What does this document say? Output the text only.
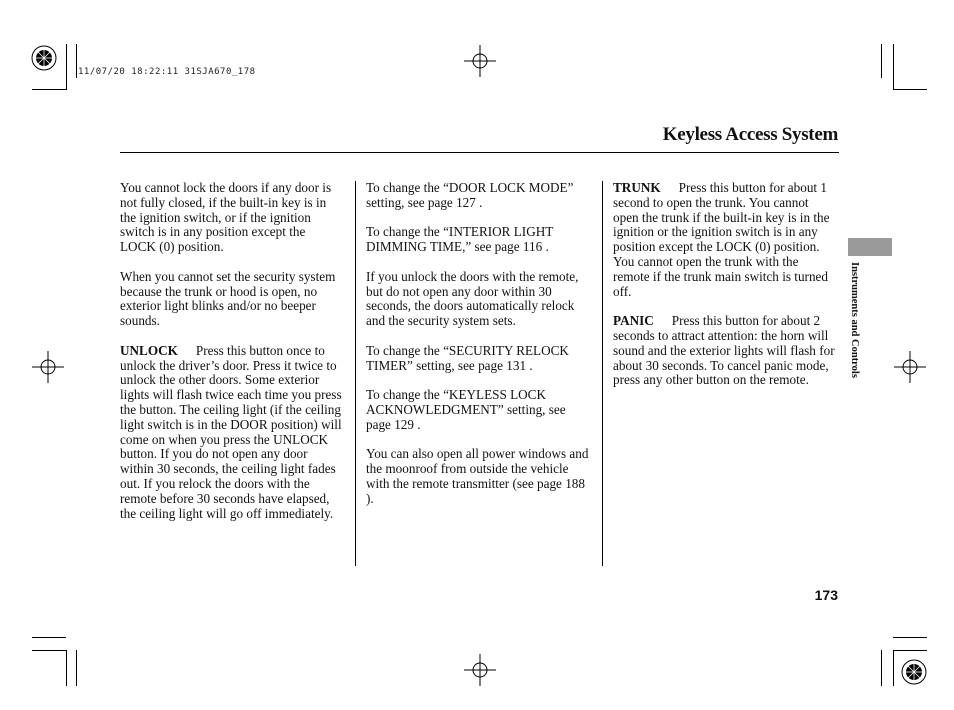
11/07/20 18:22:11 31SJA670_178
Keyless Access System

You cannot lock the doors if any door is not fully closed, if the built-in key is in the ignition switch, or if the ignition switch is in any position except the LOCK (0) position.

When you cannot set the security system because the trunk or hood is open, no exterior light blinks and/or no beeper sounds.

UNLOCK Press this button once to unlock the driver’s door. Press it twice to unlock the other doors. Some exterior lights will flash twice each time you press the button. The ceiling light (if the ceiling light switch is in the DOOR position) will come on when you press the UNLOCK button. If you do not open any door within 30 seconds, the ceiling light fades out. If you relock the doors with the remote before 30 seconds have elapsed, the ceiling light will go off immediately.

To change the “DOOR LOCK MODE” setting, see page 127 .

To change the “INTERIOR LIGHT DIMMING TIME,” see page 116 .

If you unlock the doors with the remote, but do not open any door within 30 seconds, the doors automatically relock and the security system sets.

To change the “SECURITY RELOCK TIMER” setting, see page 131 .

To change the “KEYLESS LOCK ACKNOWLEDGMENT” setting, see page 129 .

You can also open all power windows and the moonroof from outside the vehicle with the remote transmitter (see page 188 ).

TRUNK Press this button for about 1 second to open the trunk. You cannot open the trunk if the built-in key is in the ignition or the ignition switch is in any position except the LOCK (0) position. You cannot open the trunk with the remote if the trunk main switch is turned off.

PANIC Press this button for about 2 seconds to attract attention: the horn will sound and the exterior lights will flash for about 30 seconds. To cancel panic mode, press any other button on the remote.

Instruments and Controls
173
